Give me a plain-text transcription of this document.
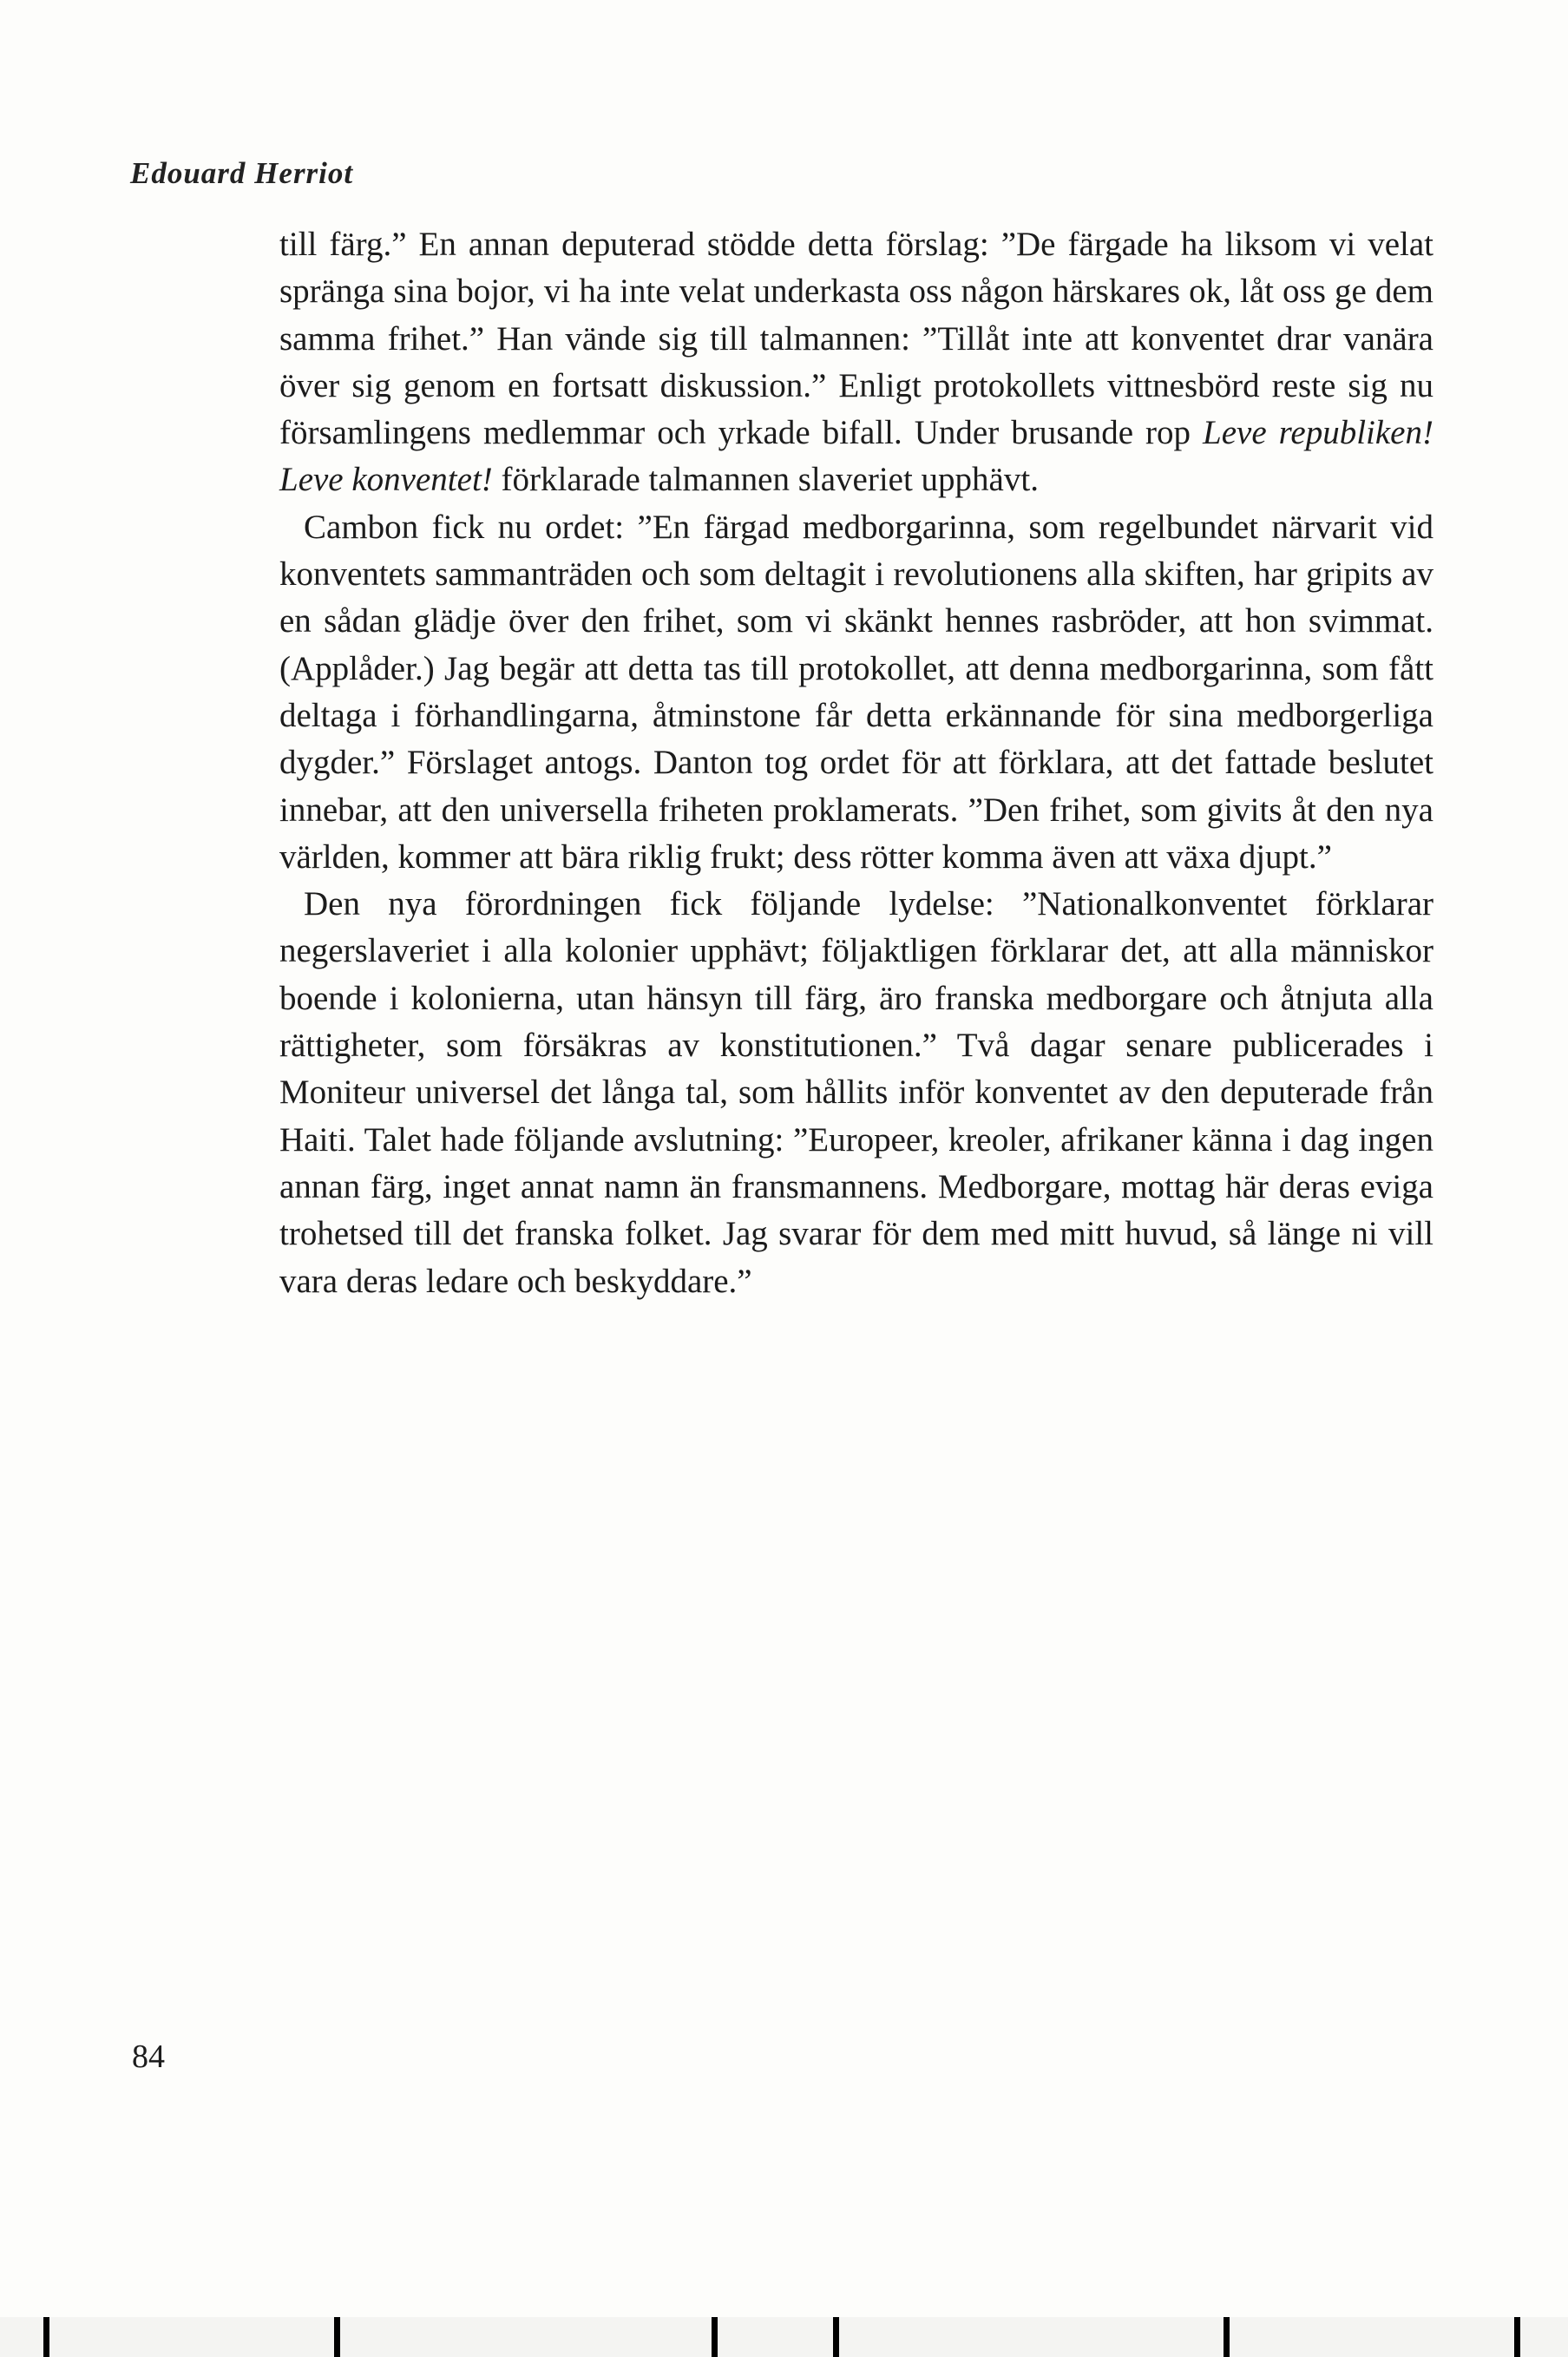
Edouard Herriot

till färg.” En annan deputerad stödde detta förslag: ”De färgade ha liksom vi velat spränga sina bojor, vi ha inte velat underkasta oss någon härskares ok, låt oss ge dem samma frihet.” Han vände sig till talmannen: ”Tillåt inte att konventet drar vanära över sig genom en fortsatt diskussion.” Enligt protokollets vittnesbörd reste sig nu församlingens medlemmar och yrkade bifall. Under brusande rop Leve republiken! Leve konventet! förklarade talmannen slaveriet upphävt.

Cambon fick nu ordet: ”En färgad medborgarinna, som regelbundet närvarit vid konventets sammanträden och som deltagit i revolutionens alla skiften, har gripits av en sådan glädje över den frihet, som vi skänkt hennes rasbröder, att hon svimmat. (Applåder.) Jag begär att detta tas till protokollet, att denna medborgarinna, som fått deltaga i förhandlingarna, åtminstone får detta erkännande för sina medborgerliga dygder.” Förslaget antogs. Danton tog ordet för att förklara, att det fattade beslutet innebar, att den universella friheten proklamerats. ”Den frihet, som givits åt den nya världen, kommer att bära riklig frukt; dess rötter komma även att växa djupt.”

Den nya förordningen fick följande lydelse: ”Nationalkonventet förklarar negerslaveriet i alla kolonier upphävt; följaktligen förklarar det, att alla människor boende i kolonierna, utan hänsyn till färg, äro franska medborgare och åtnjuta alla rättigheter, som försäkras av konstitutionen.” Två dagar senare publicerades i Moniteur universel det långa tal, som hållits inför konventet av den deputerade från Haiti. Talet hade följande avslutning: ”Europeer, kreoler, afrikaner känna i dag ingen annan färg, inget annat namn än fransmannens. Medborgare, mottag här deras eviga trohetsed till det franska folket. Jag svarar för dem med mitt huvud, så länge ni vill vara deras ledare och beskyddare.”

84
